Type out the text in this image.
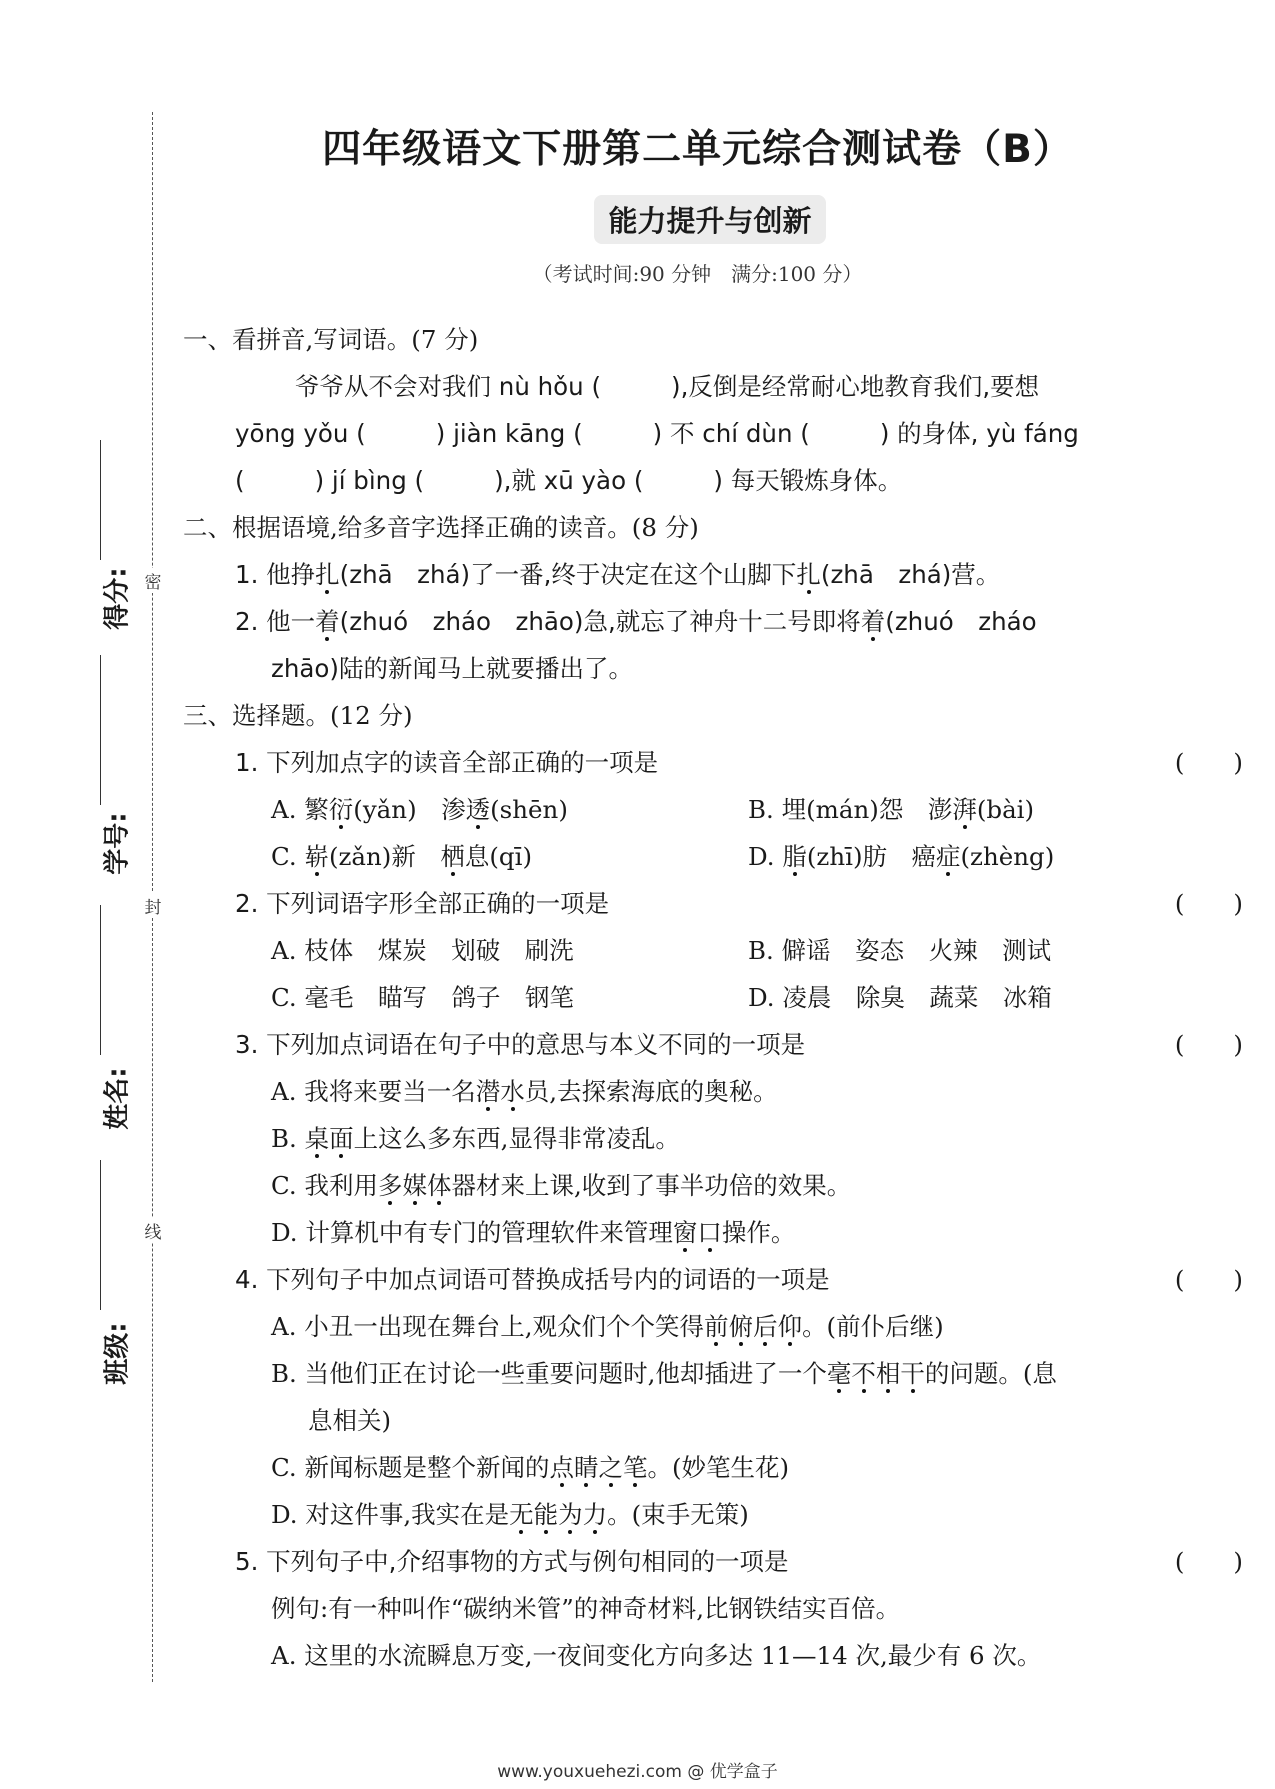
密
封
线
得分:
学号:
姓名:
班级:
四年级语文下册第二单元综合测试卷（B）
能力提升与创新
（考试时间:90 分钟　满分:100 分）
一、看拼音,写词语。(7 分)
爷爷从不会对我们 nù hǒu (	),反倒是经常耐心地教育我们,要想
yōng yǒu (	) jiàn kāng (	) 不 chí dùn (	) 的身体, yù fáng
(	) jí bìng (	),就 xū yào (	) 每天锻炼身体。
二、根据语境,给多音字选择正确的读音。(8 分)
1. 他挣扎(zhā　zhá)了一番,终于决定在这个山脚下扎(zhā　zhá)营。
2. 他一着(zhuó　zháo　zhāo)急,就忘了神舟十二号即将着(zhuó　zháo
zhāo)陆的新闻马上就要播出了。
三、选择题。(12 分)
1. 下列加点字的读音全部正确的一项是	(　　)
A. 繁衍(yǎn)　渗透(shēn)	B. 埋(mán)怨　澎湃(bài)
C. 崭(zǎn)新　栖息(qī)	D. 脂(zhī)肪　癌症(zhèng)
2. 下列词语字形全部正确的一项是	(　　)
A. 枝体　煤炭　划破　刷洗	B. 僻谣　姿态　火辣　测试
C. 毫毛　瞄写　鸽子　钢笔	D. 凌晨　除臭　蔬菜　冰箱
3. 下列加点词语在句子中的意思与本义不同的一项是	(　　)
A. 我将来要当一名潜水员,去探索海底的奥秘。
B. 桌面上这么多东西,显得非常凌乱。
C. 我利用多媒体器材来上课,收到了事半功倍的效果。
D. 计算机中有专门的管理软件来管理窗口操作。
4. 下列句子中加点词语可替换成括号内的词语的一项是	(　　)
A. 小丑一出现在舞台上,观众们个个笑得前俯后仰。(前仆后继)
B. 当他们正在讨论一些重要问题时,他却插进了一个毫不相干的问题。(息
息相关)
C. 新闻标题是整个新闻的点睛之笔。(妙笔生花)
D. 对这件事,我实在是无能为力。(束手无策)
5. 下列句子中,介绍事物的方式与例句相同的一项是	(　　)
例句:有一种叫作“碳纳米管”的神奇材料,比钢铁结实百倍。
A. 这里的水流瞬息万变,一夜间变化方向多达 11—14 次,最少有 6 次。
www.youxuehezi.com @ 优学盒子
